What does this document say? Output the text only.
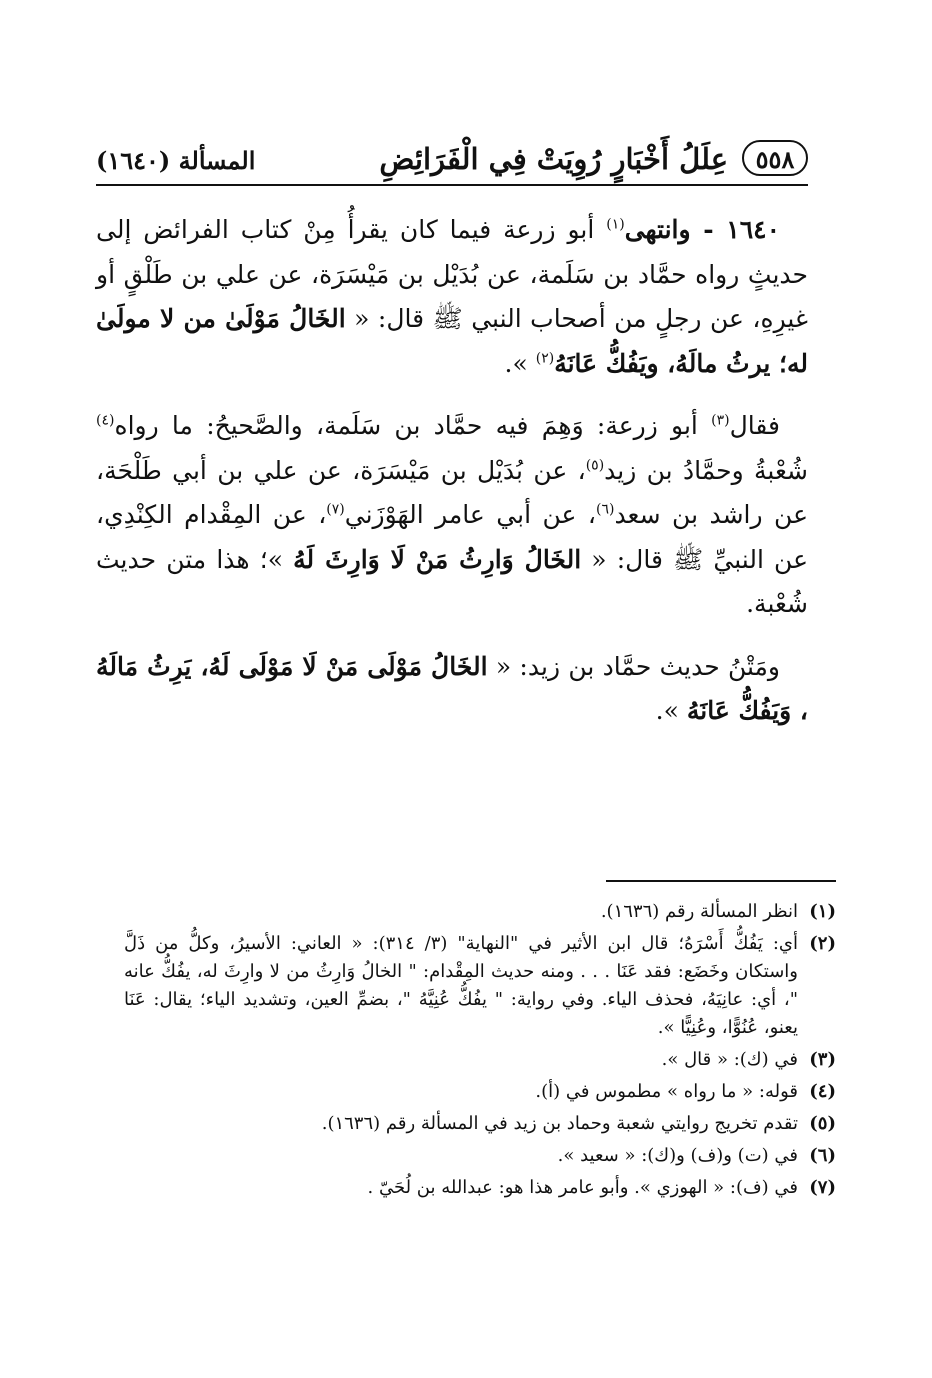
٥٥٨
عِلَلُ أَخْبَارٍ رُوِيَتْ فِي الْفَرَائِضِ
المسألة (١٦٤٠)

١٦٤٠ - وانتهى$^{(١)}$ أبو زرعة فيما كان يقرأُ مِنْ كتاب الفرائض إلى حديثٍ رواه حمَّاد بن سَلَمة، عن بُدَيْل بن مَيْسَرَة، عن علي بن طَلْقٍ أو غيرِهِ، عن رجلٍ من أصحاب النبي ﷺ قال: « الخَالُ مَوْلَىٰ من لا مولَىٰ له؛ يرثُ مالَهُ، ويَفُكُّ عَانَهُ$^{(٢)}$ ».

فقال$^{(٣)}$ أبو زرعة: وَهِمَ فيه حمَّاد بن سَلَمة، والصَّحيحُ: ما رواه$^{(٤)}$ شُعْبةُ وحمَّادُ بن زيد$^{(٥)}$، عن بُدَيْل بن مَيْسَرَة، عن علي بن أبي طَلْحَة، عن راشد بن سعد$^{(٦)}$، عن أبي عامر الهَوْزَني$^{(٧)}$، عن المِقْدام الكِنْدِي، عن النبيِّ ﷺ قال: « الخَالُ وَارِثُ مَنْ لَا وَارِثَ لَهُ »؛ هذا متن حديث شُعْبة.

ومَتْنُ حديث حمَّاد بن زيد: « الخَالُ مَوْلَى مَنْ لَا مَوْلَى لَهُ، يَرِثُ مَالَهُ ، وَيَفُكُّ عَانَهُ ».

(١)
انظر المسألة رقم (١٦٣٦).
(٢)
أي: يَفُكُّ أَسْرَهُ؛ قال ابن الأثير في "النهاية" (٣/ ٣١٤): « العاني: الأسيرُ، وكلُّ من ذَلَّ واستكان وخَضَع: فقد عَنَا . . . ومنه حديث المِقْدام: " الخالُ وَارِثُ من لا وارِثَ له، يفُكُّ عانه "، أي: عانِيَهُ، فحذف الياء. وفي رواية: " يفُكُّ عُنِيَّهُ "، بضمِّ العين، وتشديد الياء؛ يقال: عَنَا يعنو، عُنُوًّا، وعُنِيًّا ».
(٣)
في (ك): « قال ».
(٤)
قوله: « ما رواه » مطموس في (أ).
(٥)
تقدم تخريج روايتي شعبة وحماد بن زيد في المسألة رقم (١٦٣٦).
(٦)
في (ت) و(ف) و(ك): « سعيد ».
(٧)
في (ف): « الهوزي ». وأبو عامر هذا هو: عبدالله بن لُحَيّ .
